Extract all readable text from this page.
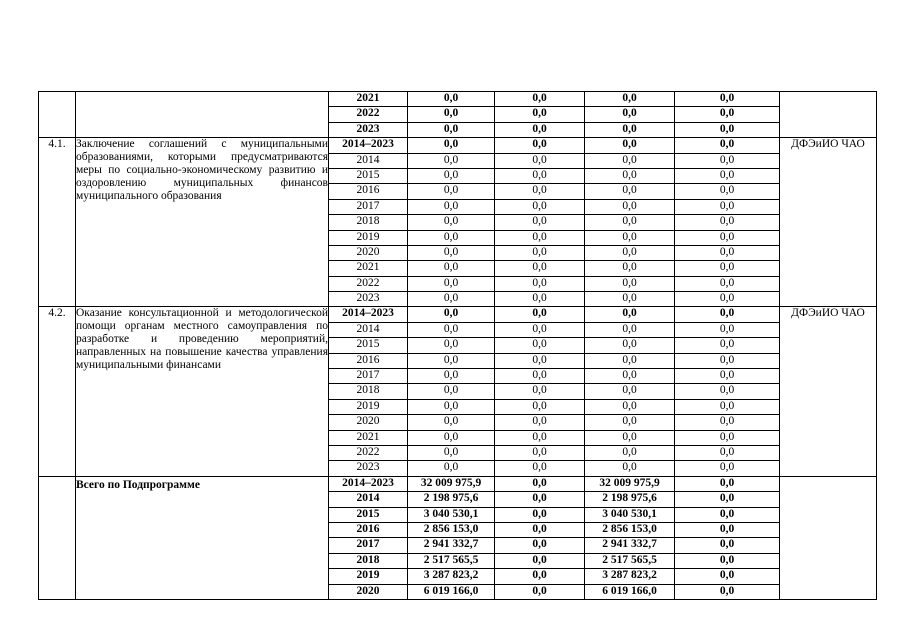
		2021	0,0	0,0	0,0	0,0	
		2022	0,0	0,0	0,0	0,0	
		2023	0,0	0,0	0,0	0,0	
4.1.	Заключение соглашений с муниципальными образованиями, которыми предусматриваются меры по социально-экономическому развитию и оздоровлению муниципальных финансов муниципального образования	2014–2023	0,0	0,0	0,0	0,0	ДФЭиИО ЧАО
		2014	0,0	0,0	0,0	0,0	
		2015	0,0	0,0	0,0	0,0	
		2016	0,0	0,0	0,0	0,0	
		2017	0,0	0,0	0,0	0,0	
		2018	0,0	0,0	0,0	0,0	
		2019	0,0	0,0	0,0	0,0	
		2020	0,0	0,0	0,0	0,0	
		2021	0,0	0,0	0,0	0,0	
		2022	0,0	0,0	0,0	0,0	
		2023	0,0	0,0	0,0	0,0	
4.2.	Оказание консультационной и методологической помощи органам местного самоуправления по разработке и проведению мероприятий, направленных на повышение качества управления муниципальными финансами	2014–2023	0,0	0,0	0,0	0,0	ДФЭиИО ЧАО
		2014	0,0	0,0	0,0	0,0	
		2015	0,0	0,0	0,0	0,0	
		2016	0,0	0,0	0,0	0,0	
		2017	0,0	0,0	0,0	0,0	
		2018	0,0	0,0	0,0	0,0	
		2019	0,0	0,0	0,0	0,0	
		2020	0,0	0,0	0,0	0,0	
		2021	0,0	0,0	0,0	0,0	
		2022	0,0	0,0	0,0	0,0	
		2023	0,0	0,0	0,0	0,0	

	Всего по Подпрограмме	2014–2023	32 009 975,9	0,0	32 009 975,9	0,0	
		2014	2 198 975,6	0,0	2 198 975,6	0,0	
		2015	3 040 530,1	0,0	3 040 530,1	0,0	
		2016	2 856 153,0	0,0	2 856 153,0	0,0	
		2017	2 941 332,7	0,0	2 941 332,7	0,0	
		2018	2 517 565,5	0,0	2 517 565,5	0,0	
		2019	3 287 823,2	0,0	3 287 823,2	0,0	
		2020	6 019 166,0	0,0	6 019 166,0	0,0	
